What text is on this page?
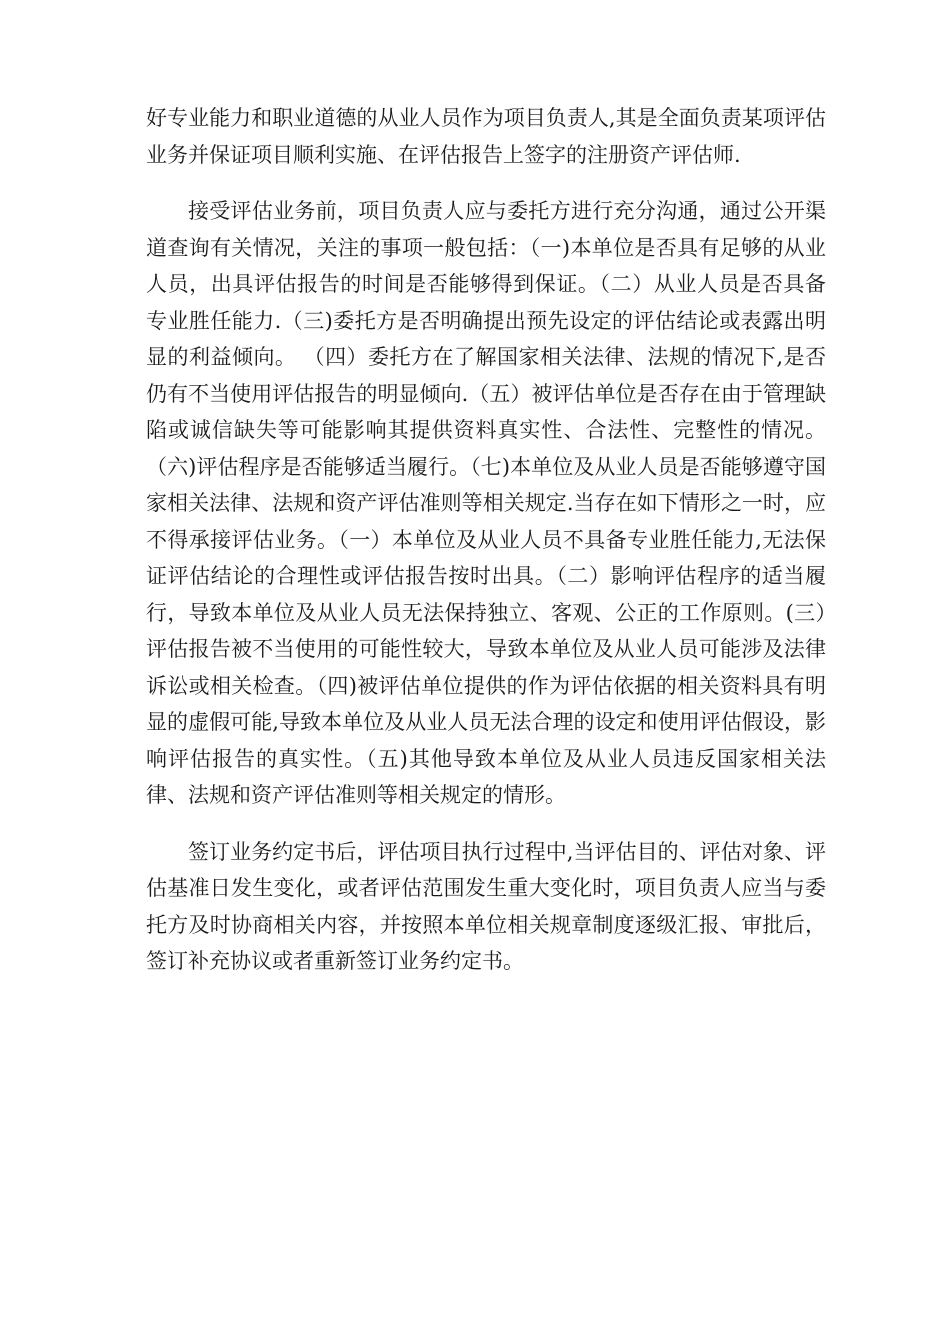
好专业能力和职业道德的从业人员作为项目负责人,其是全面负责某项评估业务并保证项目顺利实施、在评估报告上签字的注册资产评估师.

接受评估业务前，项目负责人应与委托方进行充分沟通，通过公开渠道查询有关情况，关注的事项一般包括：（一)本单位是否具有足够的从业人员，出具评估报告的时间是否能够得到保证。（二）从业人员是否具备专业胜任能力.（三)委托方是否明确提出预先设定的评估结论或表露出明显的利益倾向。 （四）委托方在了解国家相关法律、法规的情况下,是否仍有不当使用评估报告的明显倾向.（五）被评估单位是否存在由于管理缺陷或诚信缺失等可能影响其提供资料真实性、合法性、完整性的情况。（六)评估程序是否能够适当履行。（七)本单位及从业人员是否能够遵守国家相关法律、法规和资产评估准则等相关规定.当存在如下情形之一时，应不得承接评估业务。（一）本单位及从业人员不具备专业胜任能力,无法保证评估结论的合理性或评估报告按时出具。（二）影响评估程序的适当履行，导致本单位及从业人员无法保持独立、客观、公正的工作原则。(三）评估报告被不当使用的可能性较大，导致本单位及从业人员可能涉及法律诉讼或相关检查。（四)被评估单位提供的作为评估依据的相关资料具有明显的虚假可能,导致本单位及从业人员无法合理的设定和使用评估假设，影响评估报告的真实性。（五)其他导致本单位及从业人员违反国家相关法律、法规和资产评估准则等相关规定的情形。

签订业务约定书后，评估项目执行过程中,当评估目的、评估对象、评估基准日发生变化，或者评估范围发生重大变化时，项目负责人应当与委托方及时协商相关内容，并按照本单位相关规章制度逐级汇报、审批后，签订补充协议或者重新签订业务约定书。
